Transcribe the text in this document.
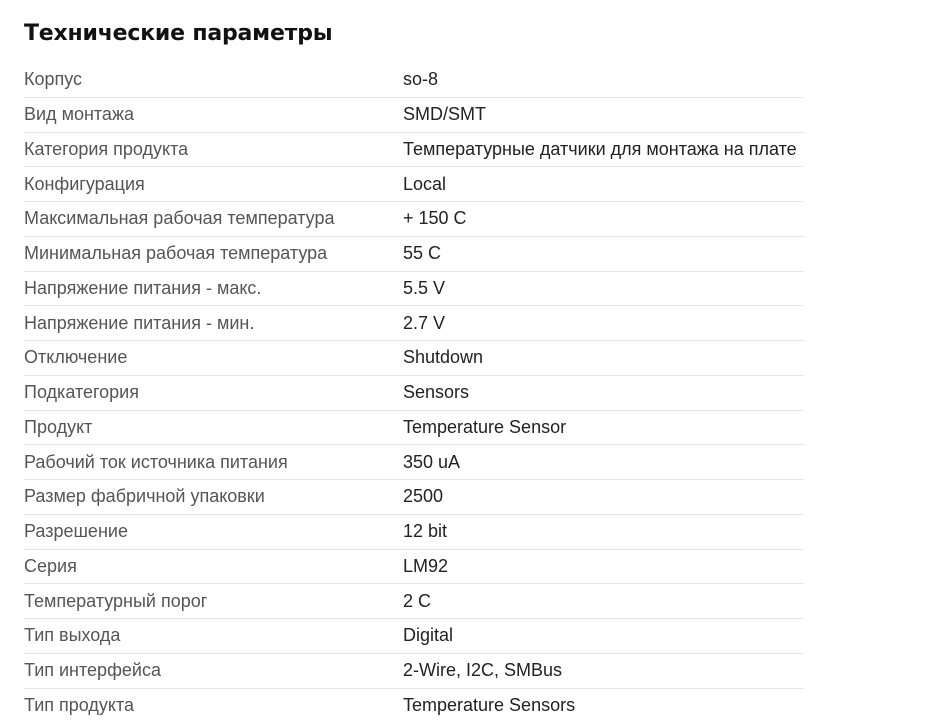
Технические параметры
Корпус	so-8
Вид монтажа	SMD/SMT
Категория продукта	Температурные датчики для монтажа на плате
Конфигурация	Local
Максимальная рабочая температура	+ 150 C
Минимальная рабочая температура	55 C
Напряжение питания - макс.	5.5 V
Напряжение питания - мин.	2.7 V
Отключение	Shutdown
Подкатегория	Sensors
Продукт	Temperature Sensor
Рабочий ток источника питания	350 uA
Размер фабричной упаковки	2500
Разрешение	12 bit
Серия	LM92
Температурный порог	2 C
Тип выхода	Digital
Тип интерфейса	2-Wire, I2C, SMBus
Тип продукта	Temperature Sensors
